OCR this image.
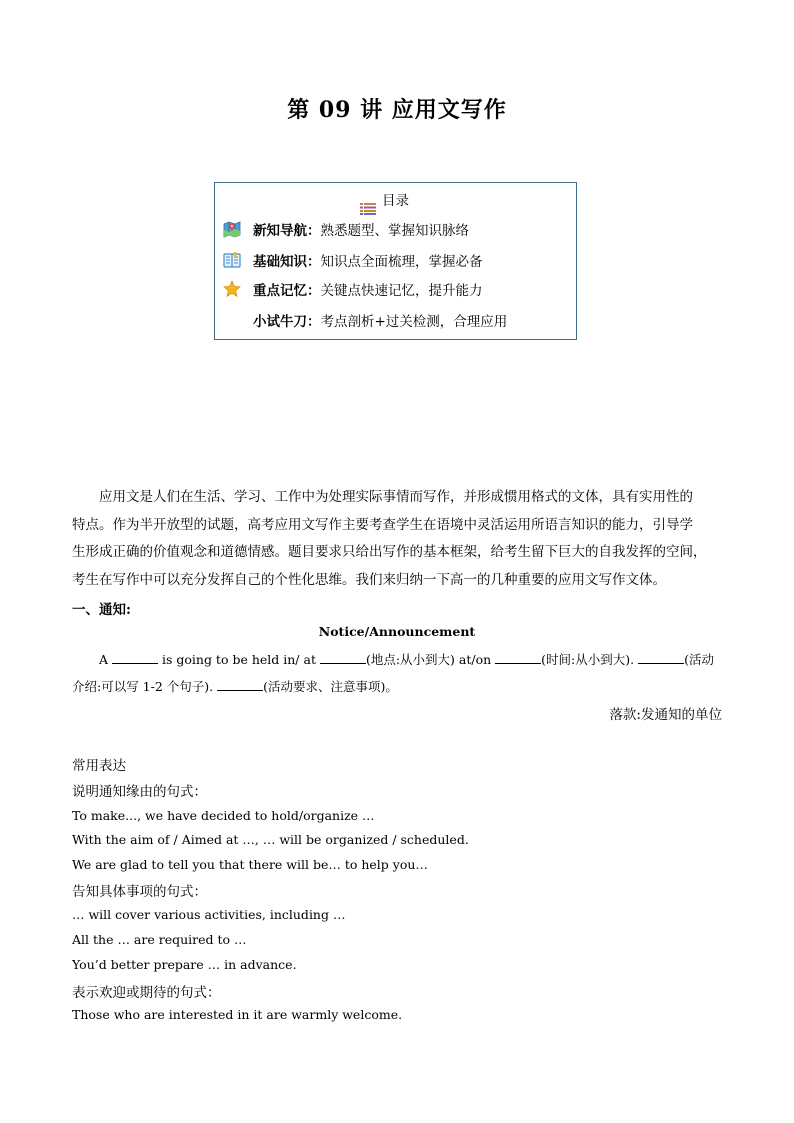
第 09 讲 应用文写作
目录
新知导航： 熟悉题型、掌握知识脉络
基础知识： 知识点全面梳理，掌握必备
重点记忆： 关键点快速记忆，提升能力
小试牛刀： 考点剖析+过关检测，合理应用
应用文是人们在生活、学习、工作中为处理实际事情而写作，并形成惯用格式的文体，具有实用性的
特点。作为半开放型的试题，高考应用文写作主要考查学生在语境中灵活运用所语言知识的能力，引导学
生形成正确的价值观念和道德情感。题目要求只给出写作的基本框架，给考生留下巨大的自我发挥的空间，
考生在写作中可以充分发挥自己的个性化思维。我们来归纳一下高一的几种重要的应用文写作文体。
一、通知:
Notice/Announcement
A	is going to be held in/ at	(地点:从小到大) at/on	(时间:从小到大).	(活动
介绍:可以写 1-2 个句子).	(活动要求、注意事项)。
落款:发通知的单位
常用表达
说明通知缘由的句式：
To make..., we have decided to hold/organize …
With the aim of / Aimed at …, … will be organized / scheduled.
We are glad to tell you that there will be… to help you…
告知具体事项的句式：
… will cover various activities, including …
All the … are required to …
You’d better prepare … in advance.
表示欢迎或期待的句式：
Those who are interested in it are warmly welcome.
